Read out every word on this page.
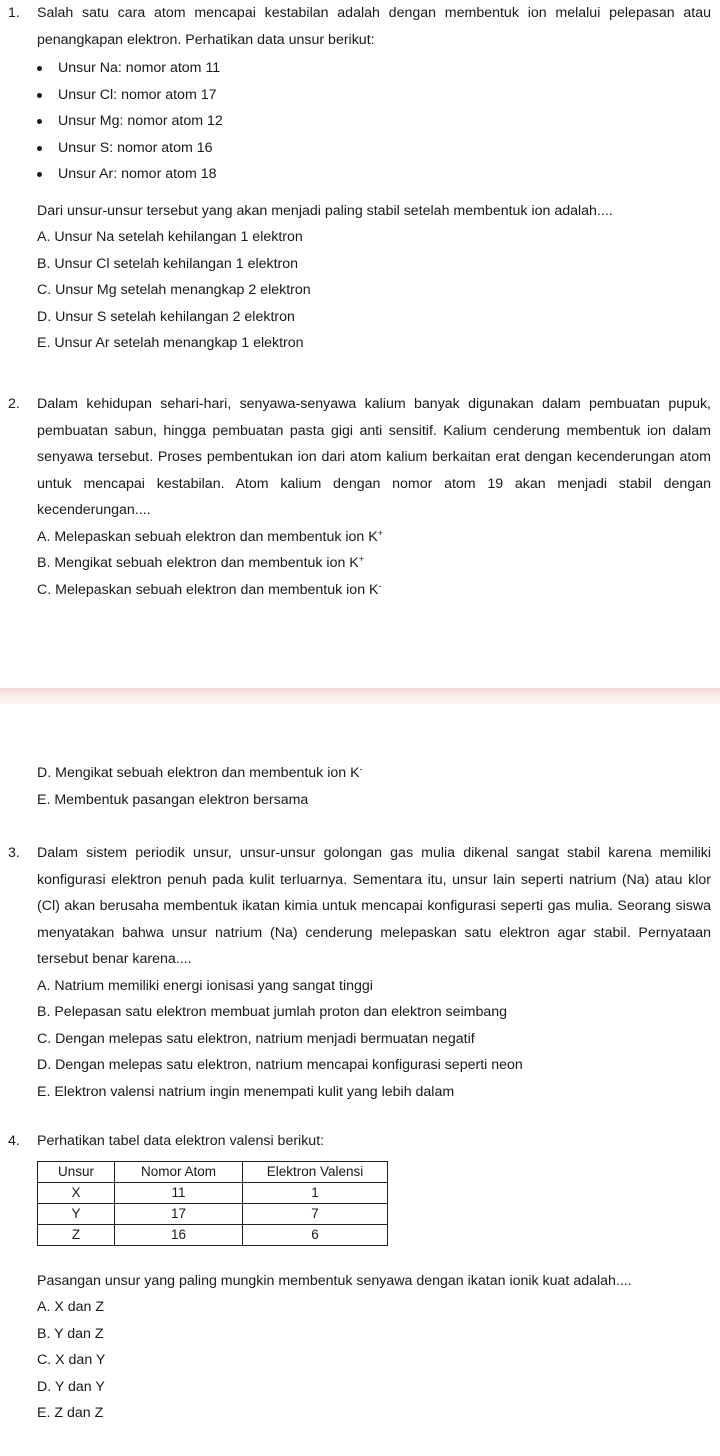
1.	Salah satu cara atom mencapai kestabilan adalah dengan membentuk ion melalui pelepasan atau penangkapan elektron. Perhatikan data unsur berikut:
Unsur Na: nomor atom 11
Unsur Cl: nomor atom 17
Unsur Mg: nomor atom 12
Unsur S: nomor atom 16
Unsur Ar: nomor atom 18
Dari unsur-unsur tersebut yang akan menjadi paling stabil setelah membentuk ion adalah....
A. Unsur Na setelah kehilangan 1 elektron
B. Unsur Cl setelah kehilangan 1 elektron
C. Unsur Mg setelah menangkap 2 elektron
D. Unsur S setelah kehilangan 2 elektron
E. Unsur Ar setelah menangkap 1 elektron
2.	Dalam kehidupan sehari-hari, senyawa-senyawa kalium banyak digunakan dalam pembuatan pupuk, pembuatan sabun, hingga pembuatan pasta gigi anti sensitif. Kalium cenderung membentuk ion dalam senyawa tersebut. Proses pembentukan ion dari atom kalium berkaitan erat dengan kecenderungan atom untuk mencapai kestabilan. Atom kalium dengan nomor atom 19 akan menjadi stabil dengan kecenderungan....
A. Melepaskan sebuah elektron dan membentuk ion K+
B. Mengikat sebuah elektron dan membentuk ion K+
C. Melepaskan sebuah elektron dan membentuk ion K-
D. Mengikat sebuah elektron dan membentuk ion K-
E. Membentuk pasangan elektron bersama
3.	Dalam sistem periodik unsur, unsur-unsur golongan gas mulia dikenal sangat stabil karena memiliki konfigurasi elektron penuh pada kulit terluarnya. Sementara itu, unsur lain seperti natrium (Na) atau klor (Cl) akan berusaha membentuk ikatan kimia untuk mencapai konfigurasi seperti gas mulia. Seorang siswa menyatakan bahwa unsur natrium (Na) cenderung melepaskan satu elektron agar stabil. Pernyataan tersebut benar karena....
A. Natrium memiliki energi ionisasi yang sangat tinggi
B. Pelepasan satu elektron membuat jumlah proton dan elektron seimbang
C. Dengan melepas satu elektron, natrium menjadi bermuatan negatif
D. Dengan melepas satu elektron, natrium mencapai konfigurasi seperti neon
E. Elektron valensi natrium ingin menempati kulit yang lebih dalam
4.	Perhatikan tabel data elektron valensi berikut:
Unsur	Nomor Atom	Elektron Valensi
X	11	1
Y	17	7
Z	16	6
Pasangan unsur yang paling mungkin membentuk senyawa dengan ikatan ionik kuat adalah....
A. X dan Z
B. Y dan Z
C. X dan Y
D. Y dan Y
E. Z dan Z
